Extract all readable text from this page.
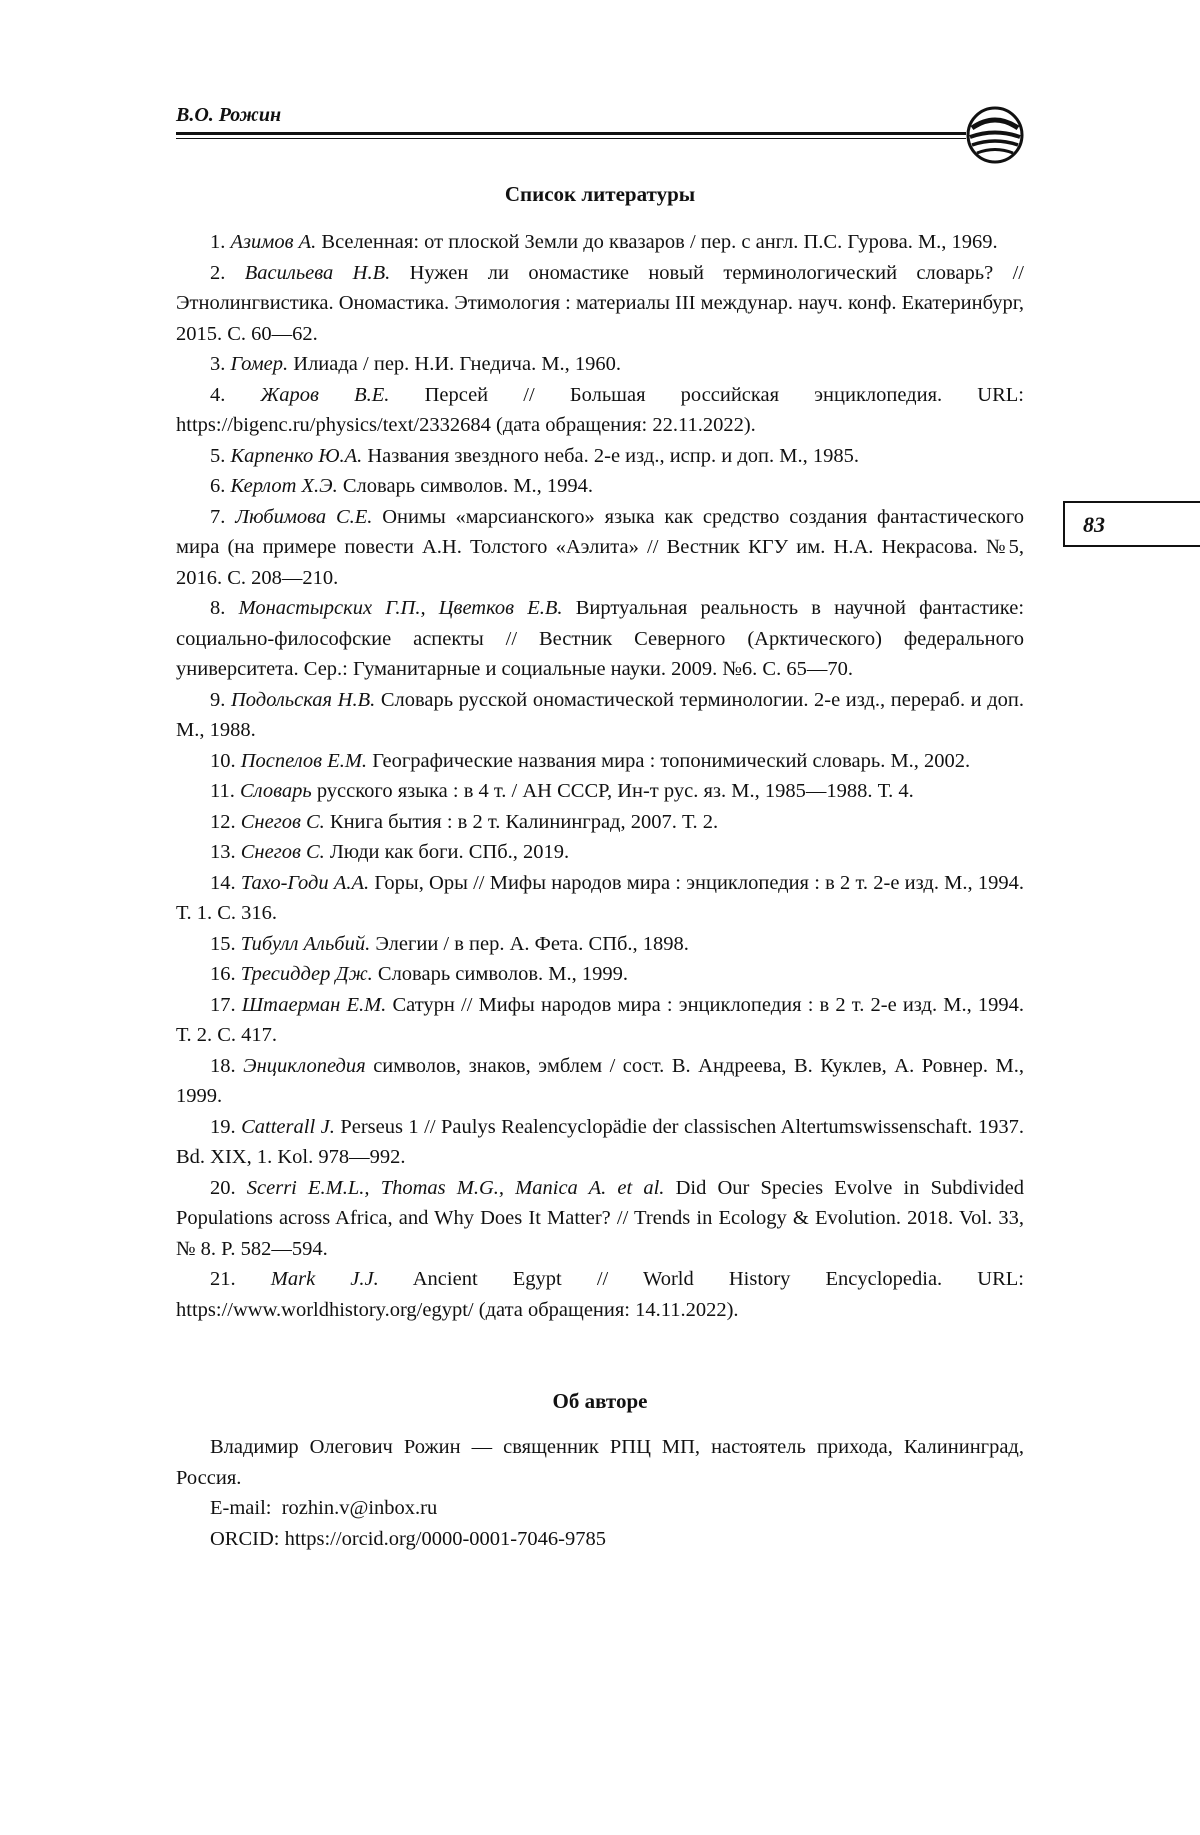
В.О. Рожин
83
Список литературы

1. Азимов А. Вселенная: от плоской Земли до квазаров / пер. с англ. П.С. Гурова. М., 1969.

2. Васильева Н.В. Нужен ли ономастике новый терминологический словарь? // Этнолингвистика. Ономастика. Этимология : материалы III междунар. науч. конф. Екатеринбург, 2015. С. 60—62.

3. Гомер. Илиада / пер. Н.И. Гнедича. М., 1960.

4. Жаров В.Е. Персей // Большая российская энциклопедия. URL: https://bigenc.ru/physics/text/2332684 (дата обращения: 22.11.2022).

5. Карпенко Ю.А. Названия звездного неба. 2-е изд., испр. и доп. М., 1985.

6. Керлот Х.Э. Словарь символов. М., 1994.

7. Любимова С.Е. Онимы «марсианского» языка как средство создания фантастического мира (на примере повести А.Н. Толстого «Аэлита» // Вестник КГУ им. Н.А. Некрасова. №5, 2016. С. 208—210.

8. Монастырских Г.П., Цветков Е.В. Виртуальная реальность в научной фантастике: социально-философские аспекты // Вестник Северного (Арктического) федерального университета. Сер.: Гуманитарные и социальные науки. 2009. №6. С. 65—70.

9. Подольская Н.В. Словарь русской ономастической терминологии. 2-е изд., перераб. и доп. М., 1988.

10. Поспелов Е.М. Географические названия мира : топонимический словарь. М., 2002.

11. Словарь русского языка : в 4 т. / АН СССР, Ин-т рус. яз. М., 1985—1988. Т. 4.

12. Снегов С. Книга бытия : в 2 т. Калининград, 2007. Т. 2.

13. Снегов С. Люди как боги. СПб., 2019.

14. Тахо-Годи А.А. Горы, Оры // Мифы народов мира : энциклопедия : в 2 т. 2-е изд. М., 1994. Т. 1. С. 316.

15. Тибулл Альбий. Элегии / в пер. А. Фета. СПб., 1898.

16. Тресиддер Дж. Словарь символов. М., 1999.

17. Штаерман Е.М. Сатурн // Мифы народов мира : энциклопедия : в 2 т. 2-е изд. М., 1994. Т. 2. С. 417.

18. Энциклопедия символов, знаков, эмблем / сост. В. Андреева, В. Куклев, А. Ровнер. М., 1999.

19. Catterall J. Perseus 1 // Paulys Realencyclopädie der classischen Altertumswissenschaft. 1937. Bd. XIX, 1. Kol. 978—992.

20. Scerri E.M.L., Thomas M.G., Manica A. et al. Did Our Species Evolve in Subdivided Populations across Africa, and Why Does It Matter? // Trends in Ecology & Evolution. 2018. Vol. 33, № 8. P. 582—594.

21. Mark J.J. Ancient Egypt // World History Encyclopedia. URL: https://www.worldhistory.org/egypt/ (дата обращения: 14.11.2022).

Об авторе

Владимир Олегович Рожин — священник РПЦ МП, настоятель прихода, Калининград, Россия.

E-mail: rozhin.v@inbox.ru

ORCID: https://orcid.org/0000-0001-7046-9785
